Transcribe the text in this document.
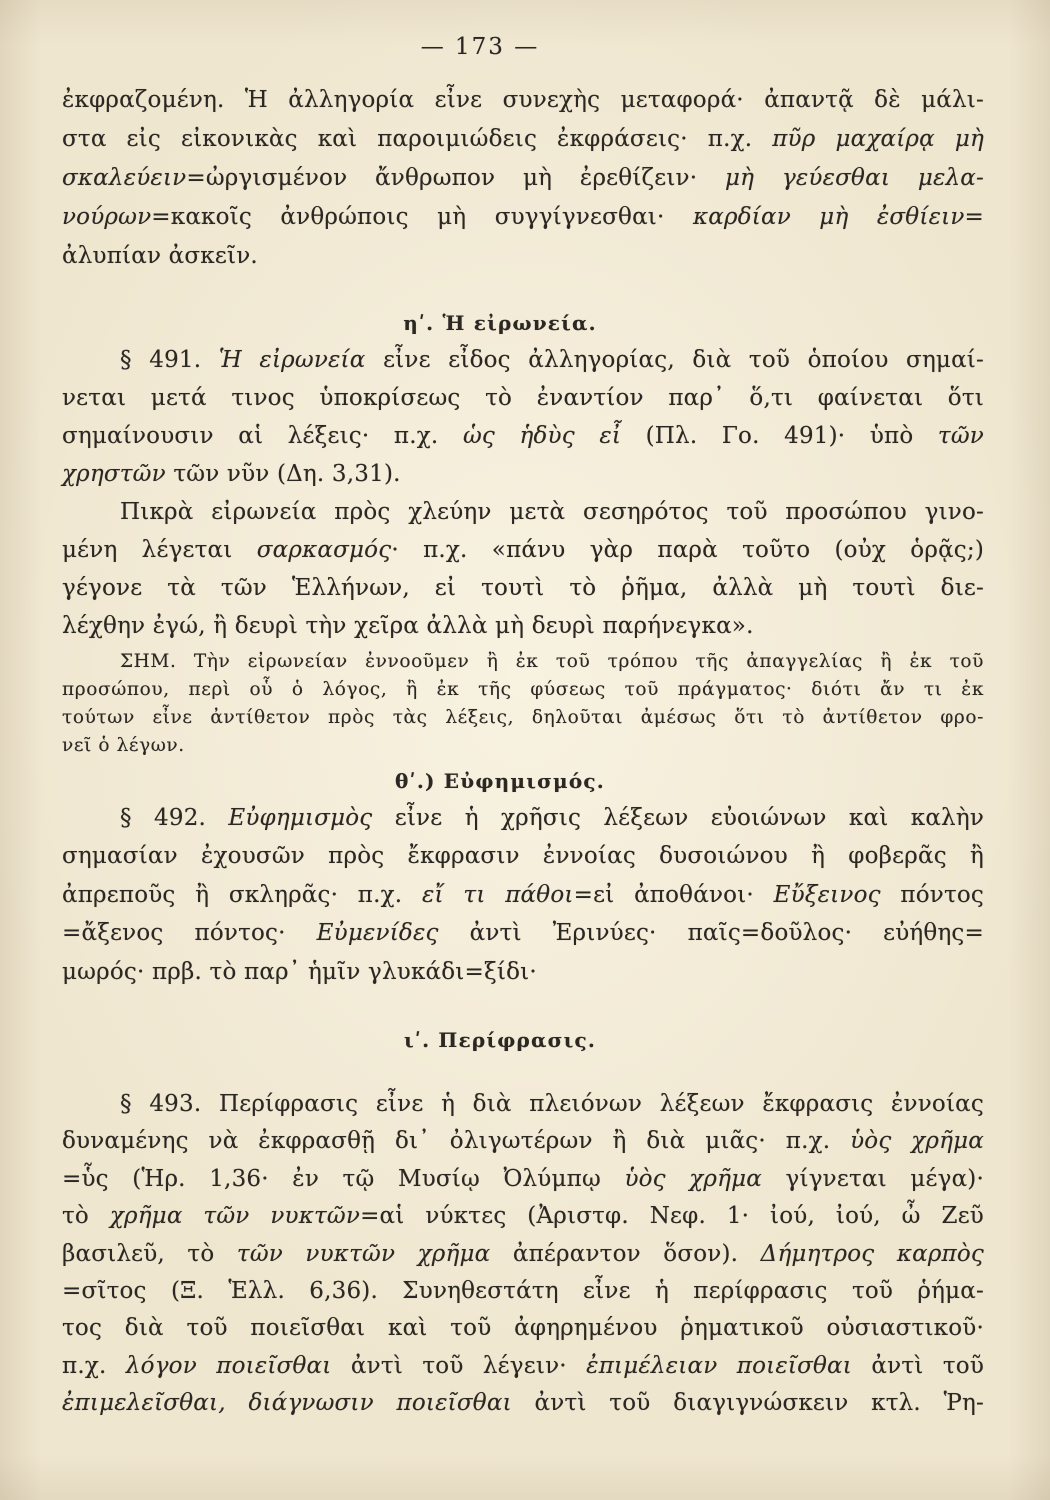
— 173 —
ἐκφραζομένη. Ἡ ἀλληγορία εἶνε συνεχὴς μεταφορά· ἀπαντᾷ δὲ μάλι-
στα εἰς εἰκονικὰς καὶ παροιμιώδεις ἐκφράσεις· π.χ. πῦρ μαχαίρᾳ μὴ
σκαλεύειν=ὠργισμένον ἄνθρωπον μὴ ἐρεθίζειν· μὴ γεύεσθαι μελα-
νούρων=κακοῖς ἀνθρώποις μὴ συγγίγνεσθαι· καρδίαν μὴ ἐσθίειν=
ἀλυπίαν ἀσκεῖν.
ηʹ. Ἡ εἰρωνεία.
§ 491. Ἡ εἰρωνεία εἶνε εἶδος ἀλληγορίας, διὰ τοῦ ὁποίου σημαί-
νεται μετά τινος ὑποκρίσεως τὸ ἐναντίον παρ᾽ ὅ,τι φαίνεται ὅτι
σημαίνουσιν αἱ λέξεις· π.χ. ὡς ἡδὺς εἶ (Πλ. Γο. 491)· ὑπὸ τῶν
χρηστῶν τῶν νῦν (Δη. 3,31).
Πικρὰ εἰρωνεία πρὸς χλεύην μετὰ σεσηρότος τοῦ προσώπου γινο-
μένη λέγεται σαρκασμός· π.χ. «πάνυ γὰρ παρὰ τοῦτο (οὐχ ὁρᾷς;)
γέγονε τὰ τῶν Ἑλλήνων, εἰ τουτὶ τὸ ῥῆμα, ἀλλὰ μὴ τουτὶ διε-
λέχθην ἐγώ, ἢ δευρὶ τὴν χεῖρα ἀλλὰ μὴ δευρὶ παρήνεγκα».
ΣΗΜ. Τὴν εἰρωνείαν ἐννοοῦμεν ἢ ἐκ τοῦ τρόπου τῆς ἀπαγγελίας ἢ ἐκ τοῦ
προσώπου, περὶ οὗ ὁ λόγος, ἢ ἐκ τῆς φύσεως τοῦ πράγματος· διότι ἄν τι ἐκ
τούτων εἶνε ἀντίθετον πρὸς τὰς λέξεις, δηλοῦται ἀμέσως ὅτι τὸ ἀντίθετον φρο-
νεῖ ὁ λέγων.
θʹ.) Εὐφημισμός.
§ 492. Εὐφημισμὸς εἶνε ἡ χρῆσις λέξεων εὐοιώνων καὶ καλὴν
σημασίαν ἐχουσῶν πρὸς ἔκφρασιν ἐννοίας δυσοιώνου ἢ φοβερᾶς ἢ
ἀπρεποῦς ἢ σκληρᾶς· π.χ. εἴ τι πάθοι=εἰ ἀποθάνοι· Εὔξεινος πόντος
=ἄξενος πόντος· Εὐμενίδες ἀντὶ Ἐρινύες· παῖς=δοῦλος· εὐήθης=
μωρός· πρβ. τὸ παρ᾽ ἡμῖν γλυκάδι=ξίδι·
ιʹ. Περίφρασις.
§ 493. Περίφρασις εἶνε ἡ διὰ πλειόνων λέξεων ἔκφρασις ἐννοίας
δυναμένης νὰ ἐκφρασθῇ δι᾽ ὀλιγωτέρων ἢ διὰ μιᾶς· π.χ. ὑὸς χρῆμα
=ὗς (Ἡρ. 1,36· ἐν τῷ Μυσίῳ Ὀλύμπῳ ὑὸς χρῆμα γίγνεται μέγα)·
τὸ χρῆμα τῶν νυκτῶν=αἱ νύκτες (Ἀριστφ. Νεφ. 1· ἰού, ἰού, ὦ Ζεῦ
βασιλεῦ, τὸ τῶν νυκτῶν χρῆμα ἀπέραντον ὅσον). Δήμητρος καρπὸς
=σῖτος (Ξ. Ἑλλ. 6,36). Συνηθεστάτη εἶνε ἡ περίφρασις τοῦ ῥήμα-
τος διὰ τοῦ ποιεῖσθαι καὶ τοῦ ἀφηρημένου ῥηματικοῦ οὐσιαστικοῦ·
π.χ. λόγον ποιεῖσθαι ἀντὶ τοῦ λέγειν· ἐπιμέλειαν ποιεῖσθαι ἀντὶ τοῦ
ἐπιμελεῖσθαι, διάγνωσιν ποιεῖσθαι ἀντὶ τοῦ διαγιγνώσκειν κτλ. Ῥη-
